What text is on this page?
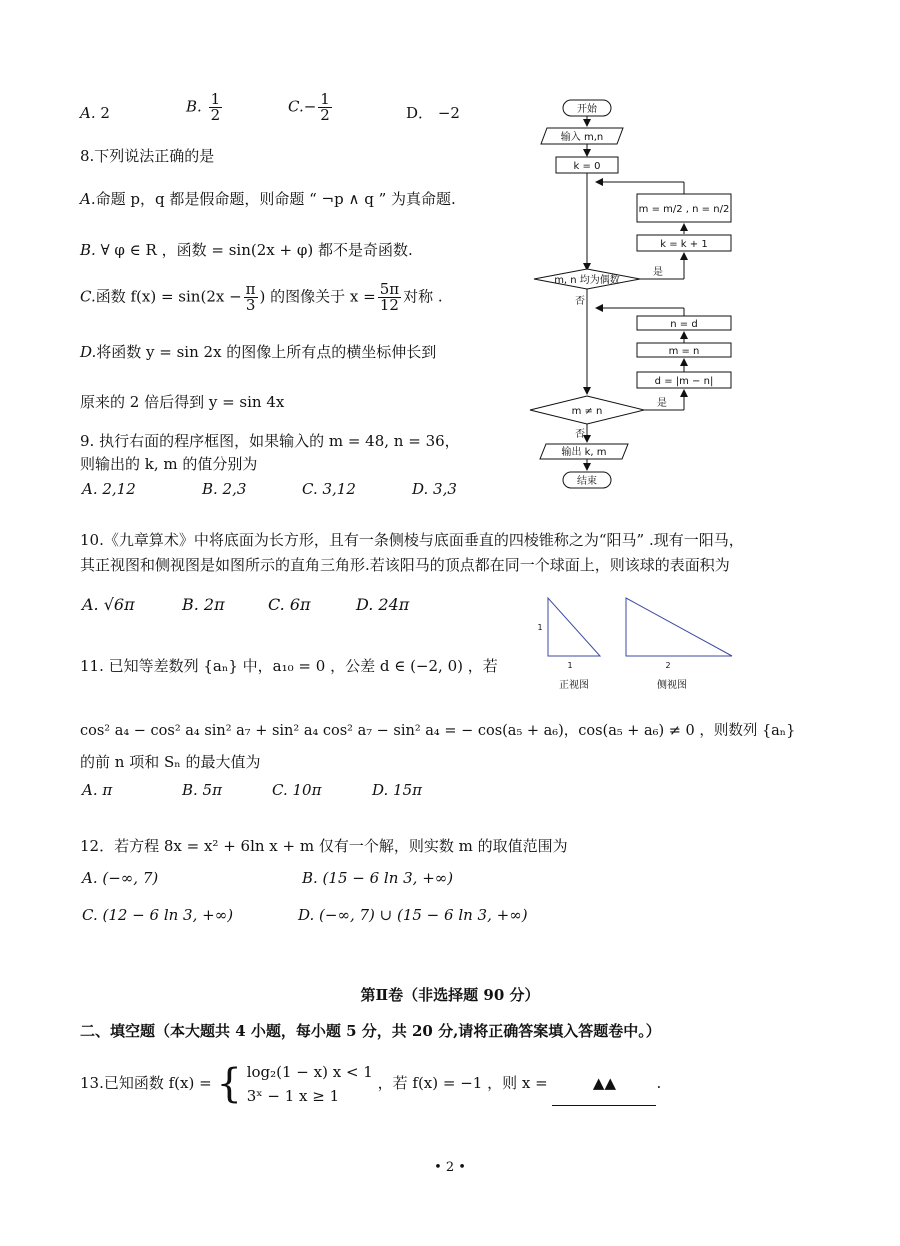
A. 2	B. $\frac{1}{2}$	$C.- \frac{1}{2}$	D． −2
8.下列说法正确的是
A.命题 p，q 都是假命题，则命题 “ ¬p ∧ q ” 为真命题.
B. ∀ φ ∈ R ，函数 = sin(2x + φ) 都不是奇函数.
C.函数 $f(x) = \sin(2x - \frac{\pi}{3}$ ) 的图像关于 $x = \frac{5\pi}{12}$ 对称 .
D.将函数 y = sin 2x 的图像上所有点的横坐标伸长到
原来的 2 倍后得到 y = sin 4x
9. 执行右面的程序框图，如果输入的 m = 48, n = 36，
则输出的 k, m 的值分别为
A. 2,12	B. 2,3	C. 3,12	D. 3,3
开始
输入 m,n
k = 0
m = m/2 , n = n/2
k = k + 1
m, n 均为偶数
是
否
n = d
m = n
d = |m − n|
m ≠ n
是
否
输出 k, m
结束
10.《九章算术》中将底面为长方形，且有一条侧棱与底面垂直的四棱锥称之为“阳马” .现有一阳马，
其正视图和侧视图是如图所示的直角三角形.若该阳马的顶点都在同一个球面上，则该球的表面积为
A. √6π	B. 2π	C. 6π	D. 24π
1
1	2
正视图	侧视图
11. 已知等差数列 {aₙ} 中，a₁₀ = 0 ，公差 d ∈ (−2, 0) ，若
cos² a₄ − cos² a₄ sin² a₇ + sin² a₄ cos² a₇ − sin² a₄ = − cos(a₅ + a₆)，cos(a₅ + a₆) ≠ 0 ，则数列 {aₙ}
的前 n 项和 Sₙ 的最大值为
A. π	B. 5π	C. 10π	D. 15π
12．若方程 8x = x² + 6ln x + m 仅有一个解，则实数 m 的取值范围为
A. (−∞, 7)	B. (15 − 6 ln 3, +∞)
C. (12 − 6 ln 3, +∞)	D. (−∞, 7) ∪ (15 − 6 ln 3, +∞)
第Ⅱ卷（非选择题 90 分）
二、填空题（本大题共 4 小题，每小题 5 分，共 20 分,请将正确答案填入答题卷中。）
13.已知函数 f(x) = { log₂(1 − x) x < 1
3ˣ − 1 x ≥ 1
，若 f(x) = −1 ，则 x =	▲▲	.
• 2 •
